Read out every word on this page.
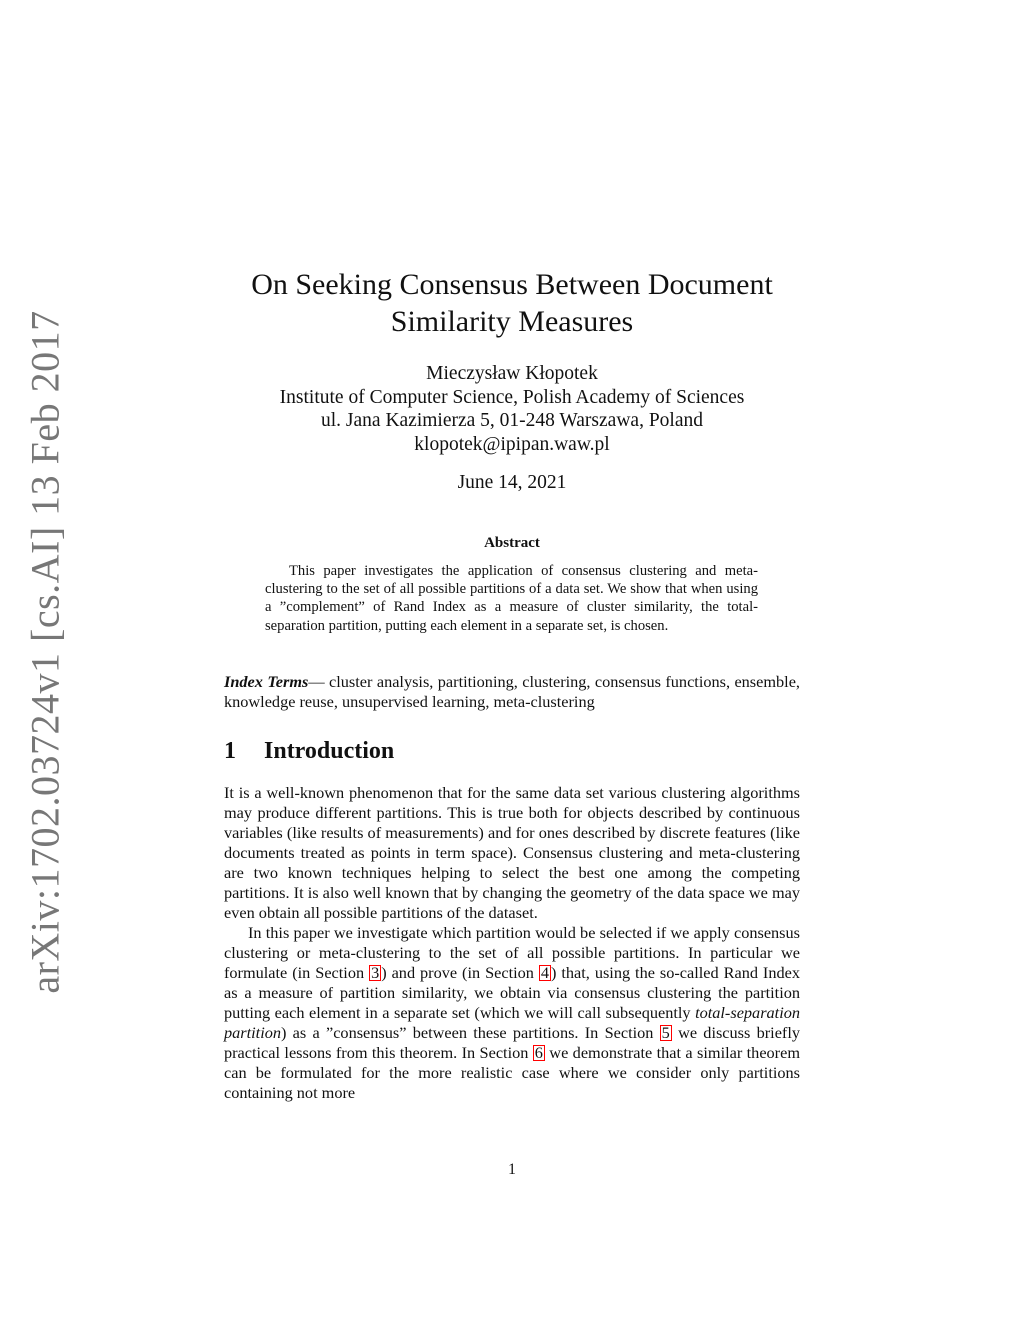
arXiv:1702.03724v1 [cs.AI] 13 Feb 2017
On Seeking Consensus Between Document
Similarity Measures
Mieczysław Kłopotek
Institute of Computer Science, Polish Academy of Sciences
ul. Jana Kazimierza 5, 01-248 Warszawa, Poland
klopotek@ipipan.waw.pl
June 14, 2021
Abstract

This paper investigates the application of consensus clustering and meta-clustering to the set of all possible partitions of a data set. We show that when using a ”complement” of Rand Index as a measure of cluster similarity, the total-separation partition, putting each element in a separate set, is chosen.

Index Terms— cluster analysis, partitioning, clustering, consensus functions, ensemble, knowledge reuse, unsupervised learning, meta-clustering

1 Introduction

It is a well-known phenomenon that for the same data set various clustering algorithms may produce different partitions. This is true both for objects described by continuous variables (like results of measurements) and for ones described by discrete features (like documents treated as points in term space). Consensus clustering and meta-clustering are two known techniques helping to select the best one among the competing partitions. It is also well known that by changing the geometry of the data space we may even obtain all possible partitions of the dataset.

In this paper we investigate which partition would be selected if we apply consensus clustering or meta-clustering to the set of all possible partitions. In particular we formulate (in Section 3 ) and prove (in Section 4 ) that, using the so-called Rand Index as a measure of partition similarity, we obtain via consensus clustering the partition putting each element in a separate set (which we will call subsequently total-separation partition) as a ”consensus” between these partitions. In Section 5 we discuss briefly practical lessons from this theorem. In Section 6 we demonstrate that a similar theorem can be formulated for the more realistic case where we consider only partitions containing not more

1
